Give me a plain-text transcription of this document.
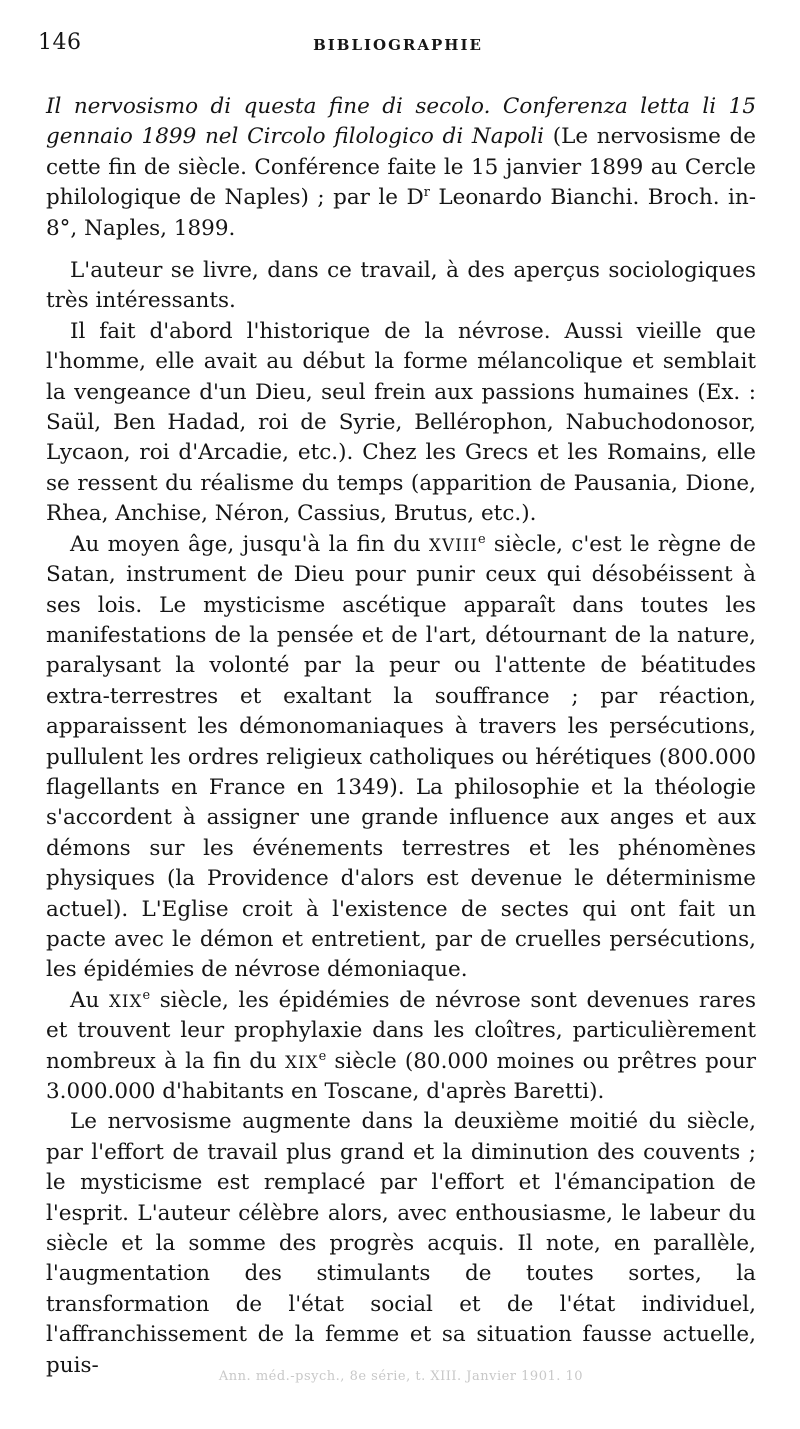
146	BIBLIOGRAPHIE

Il nervosismo di questa fine di secolo. Conferenza letta li 15 gennaio 1899 nel Circolo filologico di Napoli (Le nervosisme de cette fin de siècle. Conférence faite le 15 janvier 1899 au Cercle philologique de Naples) ; par le $D^r$ Leonardo Bianchi. Broch. in-8°, Naples, 1899.

L'auteur se livre, dans ce travail, à des aperçus sociologiques très intéressants.

Il fait d'abord l'historique de la névrose. Aussi vieille que l'homme, elle avait au début la forme mélancolique et semblait la vengeance d'un Dieu, seul frein aux passions humaines (Ex. : Saül, Ben Hadad, roi de Syrie, Bellérophon, Nabuchodonosor, Lycaon, roi d'Arcadie, etc.). Chez les Grecs et les Romains, elle se ressent du réalisme du temps (apparition de Pausania, Dione, Rhea, Anchise, Néron, Cassius, Brutus, etc.).

Au moyen âge, jusqu'à la fin du XVIIIe siècle, c'est le règne de Satan, instrument de Dieu pour punir ceux qui désobéissent à ses lois. Le mysticisme ascétique apparaît dans toutes les manifestations de la pensée et de l'art, détournant de la nature, paralysant la volonté par la peur ou l'attente de béatitudes extra-terrestres et exaltant la souffrance ; par réaction, apparaissent les démonomaniaques à travers les persécutions, pullulent les ordres religieux catholiques ou hérétiques (800.000 flagellants en France en 1349). La philosophie et la théologie s'accordent à assigner une grande influence aux anges et aux démons sur les événements terrestres et les phénomènes physiques (la Providence d'alors est devenue le déterminisme actuel). L'Eglise croit à l'existence de sectes qui ont fait un pacte avec le démon et entretient, par de cruelles persécutions, les épidémies de névrose démoniaque.

Au XIXe siècle, les épidémies de névrose sont devenues rares et trouvent leur prophylaxie dans les cloîtres, particulièrement nombreux à la fin du XIXe siècle (80.000 moines ou prêtres pour 3.000.000 d'habitants en Toscane, d'après Baretti).

Le nervosisme augmente dans la deuxième moitié du siècle, par l'effort de travail plus grand et la diminution des couvents ; le mysticisme est remplacé par l'effort et l'émancipation de l'esprit. L'auteur célèbre alors, avec enthousiasme, le labeur du siècle et la somme des progrès acquis. Il note, en parallèle, l'augmentation des stimulants de toutes sortes, la transformation de l'état social et de l'état individuel, l'affranchissement de la femme et sa situation fausse actuelle, puis-	Ann. méd.-psych., 8e série, t. XIII. Janvier 1901. 10
